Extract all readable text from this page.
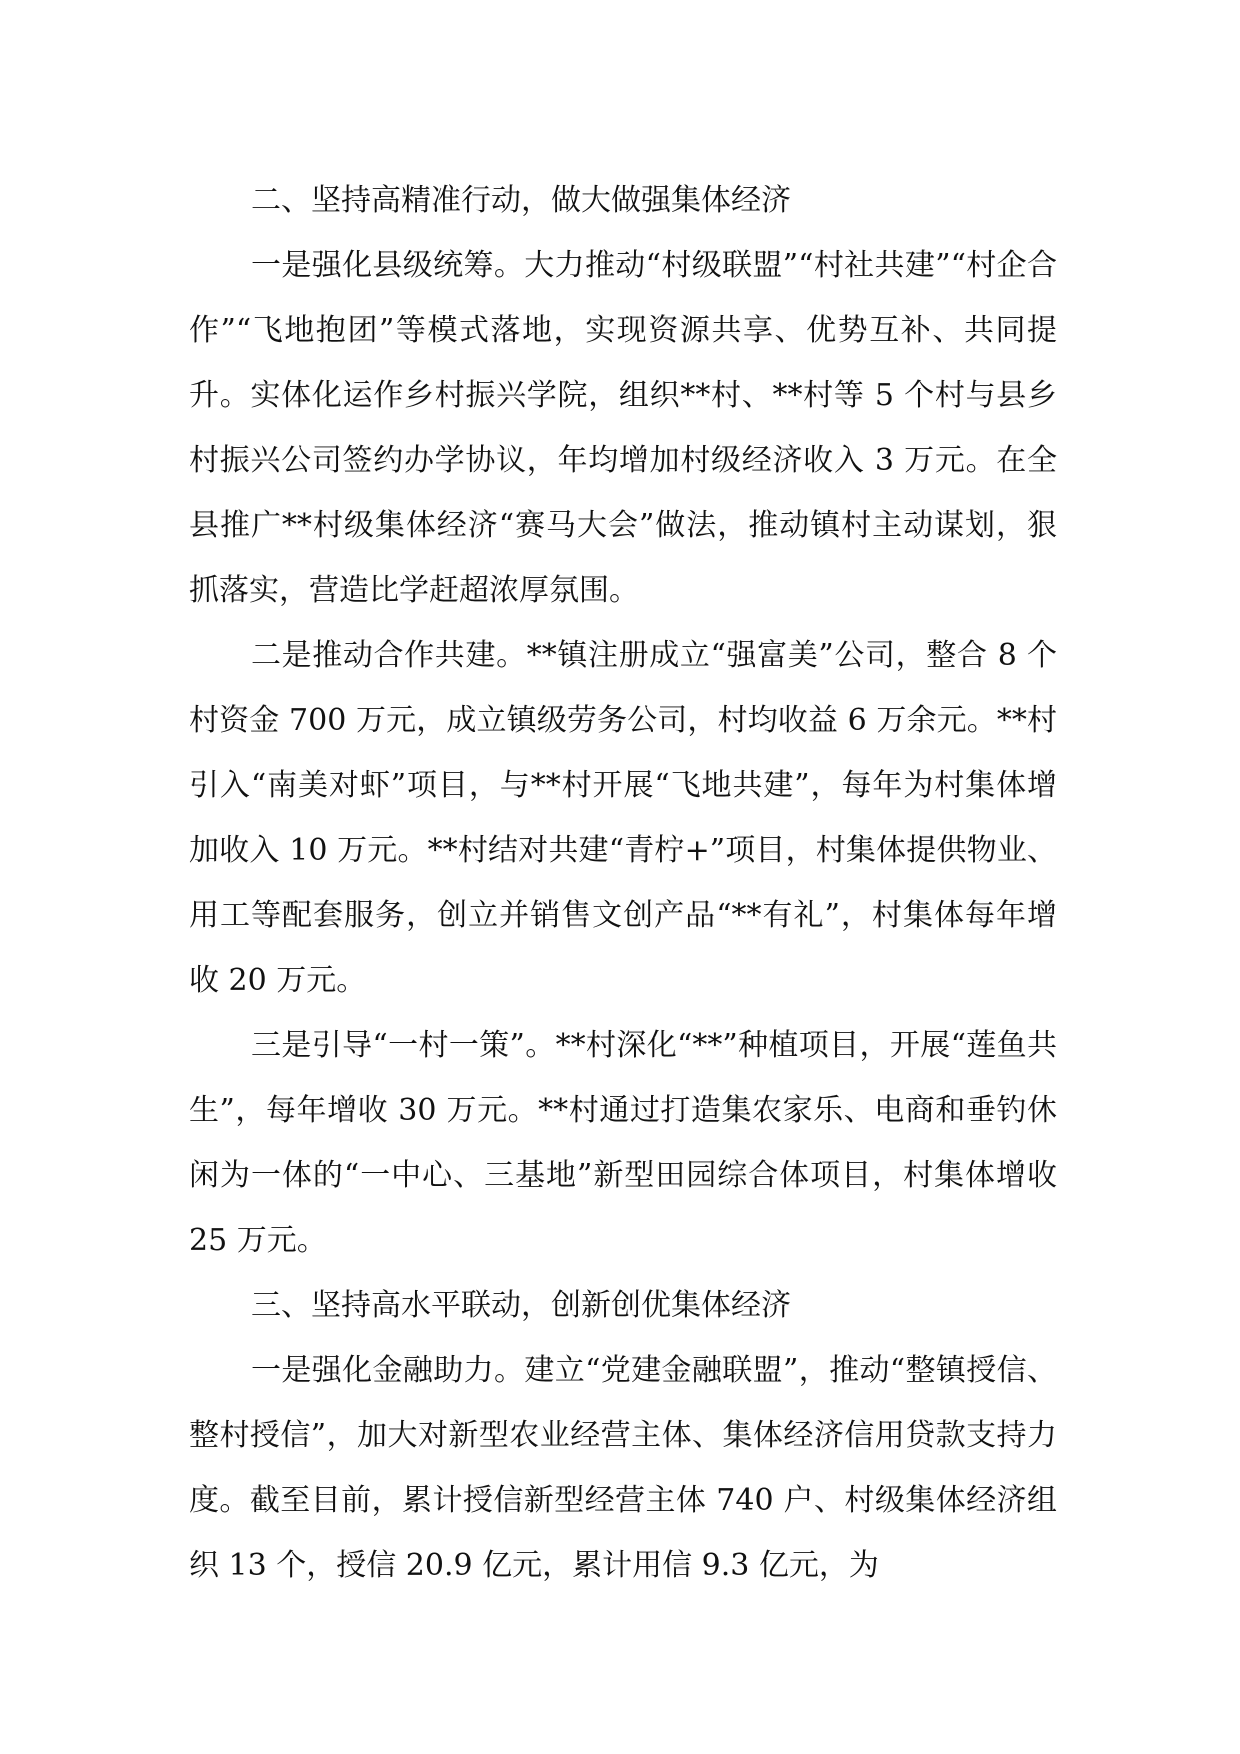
二、坚持高精准行动，做大做强集体经济

一是强化县级统筹。大力推动“村级联盟”“村社共建”“村企合作”“飞地抱团”等模式落地，实现资源共享、优势互补、共同提升。实体化运作乡村振兴学院，组织**村、**村等 5 个村与县乡村振兴公司签约办学协议，年均增加村级经济收入 3 万元。在全县推广**村级集体经济“赛马大会”做法，推动镇村主动谋划，狠抓落实，营造比学赶超浓厚氛围。

二是推动合作共建。**镇注册成立“强富美”公司，整合 8 个村资金 700 万元，成立镇级劳务公司，村均收益 6 万余元。**村引入“南美对虾”项目，与**村开展“飞地共建”，每年为村集体增加收入 10 万元。**村结对共建“青柠+”项目，村集体提供物业、用工等配套服务，创立并销售文创产品“**有礼”，村集体每年增收 20 万元。

三是引导“一村一策”。**村深化“**”种植项目，开展“莲鱼共生”，每年增收 30 万元。**村通过打造集农家乐、电商和垂钓休闲为一体的“一中心、三基地”新型田园综合体项目，村集体增收 25 万元。

三、坚持高水平联动，创新创优集体经济

一是强化金融助力。建立“党建金融联盟”，推动“整镇授信、整村授信”，加大对新型农业经营主体、集体经济信用贷款支持力度。截至目前，累计授信新型经营主体 740 户、村级集体经济组织 13 个，授信 20.9 亿元，累计用信 9.3 亿元，为
